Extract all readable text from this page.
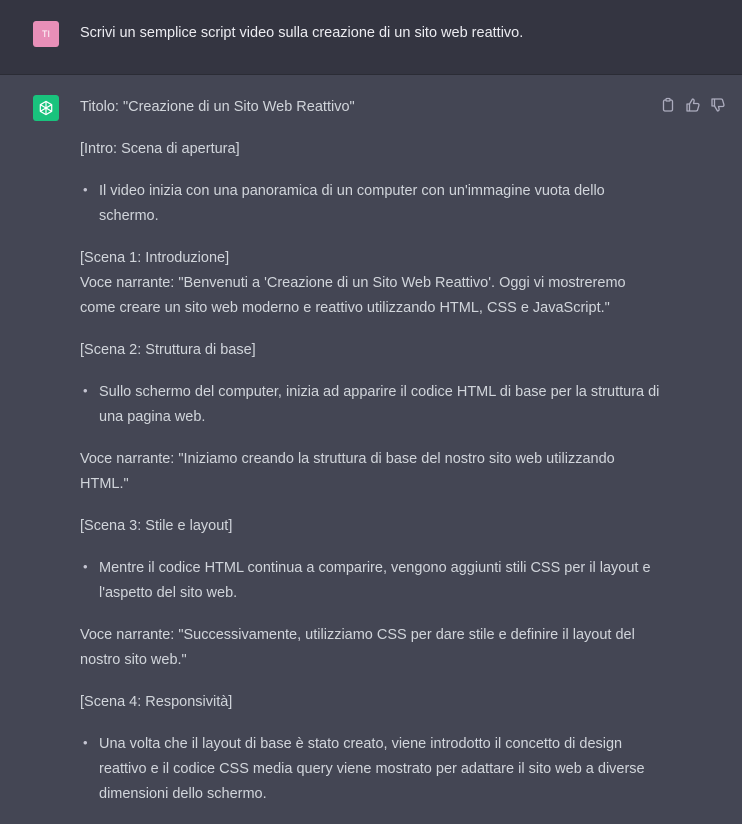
TI Scrivi un semplice script video sulla creazione di un sito web reattivo.

Titolo: "Creazione di un Sito Web Reattivo"

[Intro: Scena di apertura]

• Il video inizia con una panoramica di un computer con un'immagine vuota dello schermo.

[Scena 1: Introduzione]
Voce narrante: "Benvenuti a 'Creazione di un Sito Web Reattivo'. Oggi vi mostreremo come creare un sito web moderno e reattivo utilizzando HTML, CSS e JavaScript."

[Scena 2: Struttura di base]

• Sullo schermo del computer, inizia ad apparire il codice HTML di base per la struttura di una pagina web.

Voce narrante: "Iniziamo creando la struttura di base del nostro sito web utilizzando HTML."

[Scena 3: Stile e layout]

• Mentre il codice HTML continua a comparire, vengono aggiunti stili CSS per il layout e l'aspetto del sito web.

Voce narrante: "Successivamente, utilizziamo CSS per dare stile e definire il layout del nostro sito web."

[Scena 4: Responsività]

• Una volta che il layout di base è stato creato, viene introdotto il concetto di design reattivo e il codice CSS media query viene mostrato per adattare il sito web a diverse dimensioni dello schermo.
